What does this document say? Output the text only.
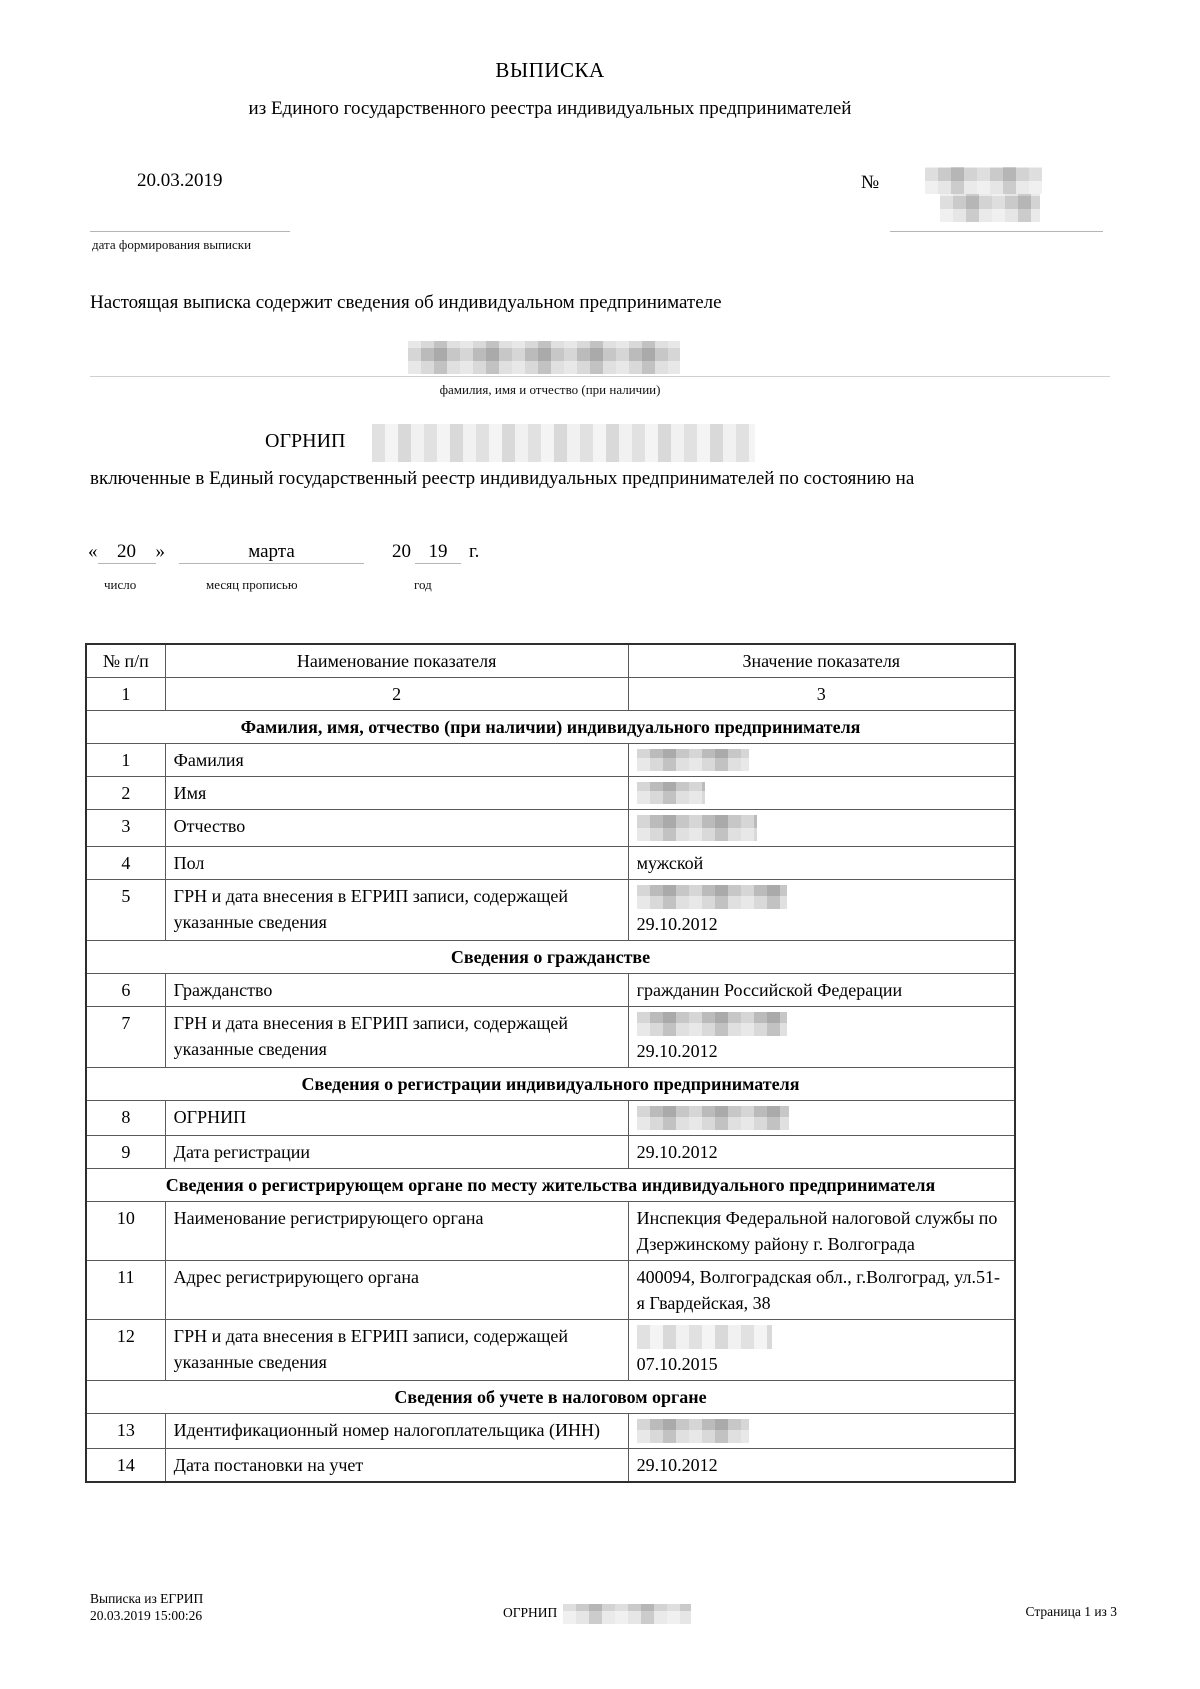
ВЫПИСКА
из Единого государственного реестра индивидуальных предпринимателей
20.03.2019	№
дата формирования выписки
Настоящая выписка содержит сведения об индивидуальном предпринимателе
фамилия, имя и отчество (при наличии)
ОГРНИП
включенные в Единый государственный реестр индивидуальных предпринимателей по состоянию на
« 20 »	марта	20 19 г.
число	месяц прописью	год
№ п/п	Наименование показателя	Значение показателя
1	2	3
Фамилия, имя, отчество (при наличии) индивидуального предпринимателя		
1	Фамилия	

2	Имя	

3	Отчество	

4	Пол	мужской

5	ГРН и дата внесения в ЕГРИП записи, содержащей указанные сведения	29.10.2012

Сведения о гражданстве		
6	Гражданство	гражданин Российской Федерации

7	ГРН и дата внесения в ЕГРИП записи, содержащей указанные сведения	29.10.2012

Сведения о регистрации индивидуального предпринимателя		
8	ОГРНИП	

9	Дата регистрации	29.10.2012

Сведения о регистрирующем органе по месту жительства индивидуального предпринимателя		
10	Наименование регистрирующего органа	Инспекция Федеральной налоговой службы по Дзержинскому району г. Волгограда

11	Адрес регистрирующего органа	400094, Волгоградская обл., г.Волгоград, ул.51-я Гвардейская, 38

12	ГРН и дата внесения в ЕГРИП записи, содержащей указанные сведения	07.10.2015

Сведения об учете в налоговом органе		
13	Идентификационный номер налогоплательщика (ИНН)	

14	Дата постановки на учет	29.10.2012
Выписка из ЕГРИП
20.03.2019 15:00:26	ОГРНИП	Страница 1 из 3
